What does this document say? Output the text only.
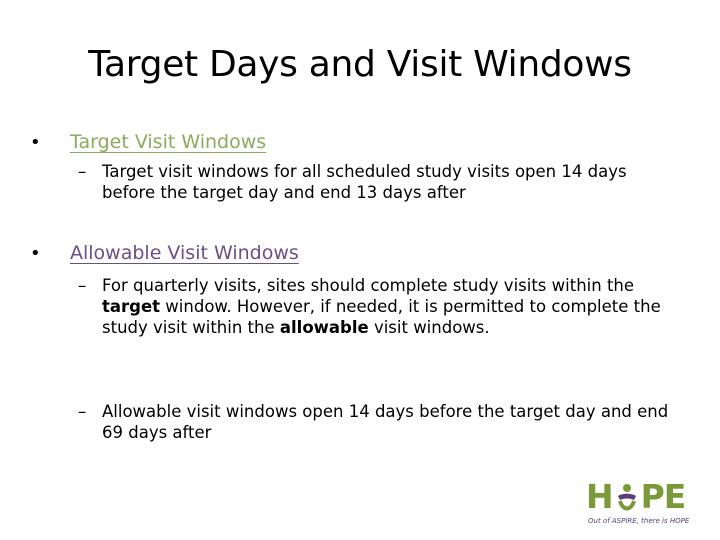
Target Days and Visit Windows
•	Target Visit Windows
– Target visit windows for all scheduled study visits open 14 days before the target day and end 13 days after
•	Allowable Visit Windows
– For quarterly visits, sites should complete study visits within the target window. However, if needed, it is permitted to complete the study visit within the allowable visit windows.
– Allowable visit windows open 14 days before the target day and end 69 days after
H PE
Out of ASPIRE, there is HOPE
